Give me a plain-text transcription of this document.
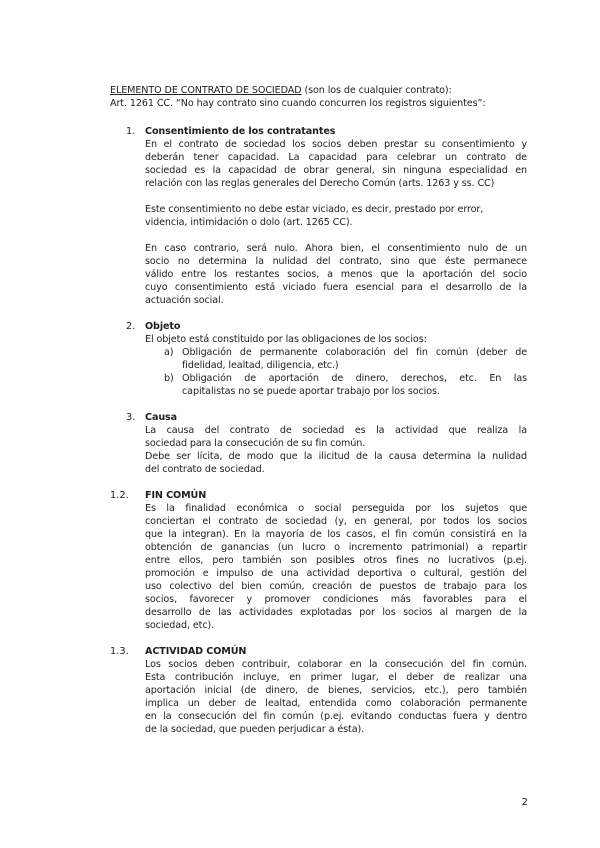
ELEMENTO DE CONTRATO DE SOCIEDAD (son los de cualquier contrato):
Art. 1261 CC. “No hay contrato sino cuando concurren los registros siguientes”:
1. Consentimiento de los contratantes
En el contrato de sociedad los socios deben prestar su consentimiento y
deberán tener capacidad. La capacidad para celebrar un contrato de
sociedad es la capacidad de obrar general, sin ninguna especialidad en
relación con las reglas generales del Derecho Común (arts. 1263 y ss. CC)
Este consentimiento no debe estar viciado, es decir, prestado por error,
videncia, intimidación o dolo (art. 1265 CC).
En caso contrario, será nulo. Ahora bien, el consentimiento nulo de un
socio no determina la nulidad del contrato, sino que éste permanece
válido entre los restantes socios, a menos que la aportación del socio
cuyo consentimiento está viciado fuera esencial para el desarrollo de la
actuación social.
2. Objeto
El objeto está constituido por las obligaciones de los socios:
a) Obligación de permanente colaboración del fin común (deber de
fidelidad, lealtad, diligencia, etc.)
b) Obligación de aportación de dinero, derechos, etc. En las
capitalistas no se puede aportar trabajo por los socios.
3. Causa
La causa del contrato de sociedad es la actividad que realiza la
sociedad para la consecución de su fin común.
Debe ser lícita, de modo que la ilicitud de la causa determina la nulidad
del contrato de sociedad.
1.2. FIN COMÚN
Es la finalidad económica o social perseguida por los sujetos que
conciertan el contrato de sociedad (y, en general, por todos los socios
que la integran). En la mayoría de los casos, el fin común consistirá en la
obtención de ganancias (un lucro o incremento patrimonial) a repartir
entre ellos, pero también son posibles otros fines no lucrativos (p.ej.
promoción e impulso de una actividad deportiva o cultural, gestión del
uso colectivo del bien común, creación de puestos de trabajo para los
socios, favorecer y promover condiciones más favorables para el
desarrollo de las actividades explotadas por los socios al margen de la
sociedad, etc).
1.3. ACTIVIDAD COMÚN
Los socios deben contribuir, colaborar en la consecución del fin común.
Esta contribución incluye, en primer lugar, el deber de realizar una
aportación inicial (de dinero, de bienes, servicios, etc.), pero también
implica un deber de lealtad, entendida como colaboración permanente
en la consecución del fin común (p.ej. evitando conductas fuera y dentro
de la sociedad, que pueden perjudicar a ésta).
2
